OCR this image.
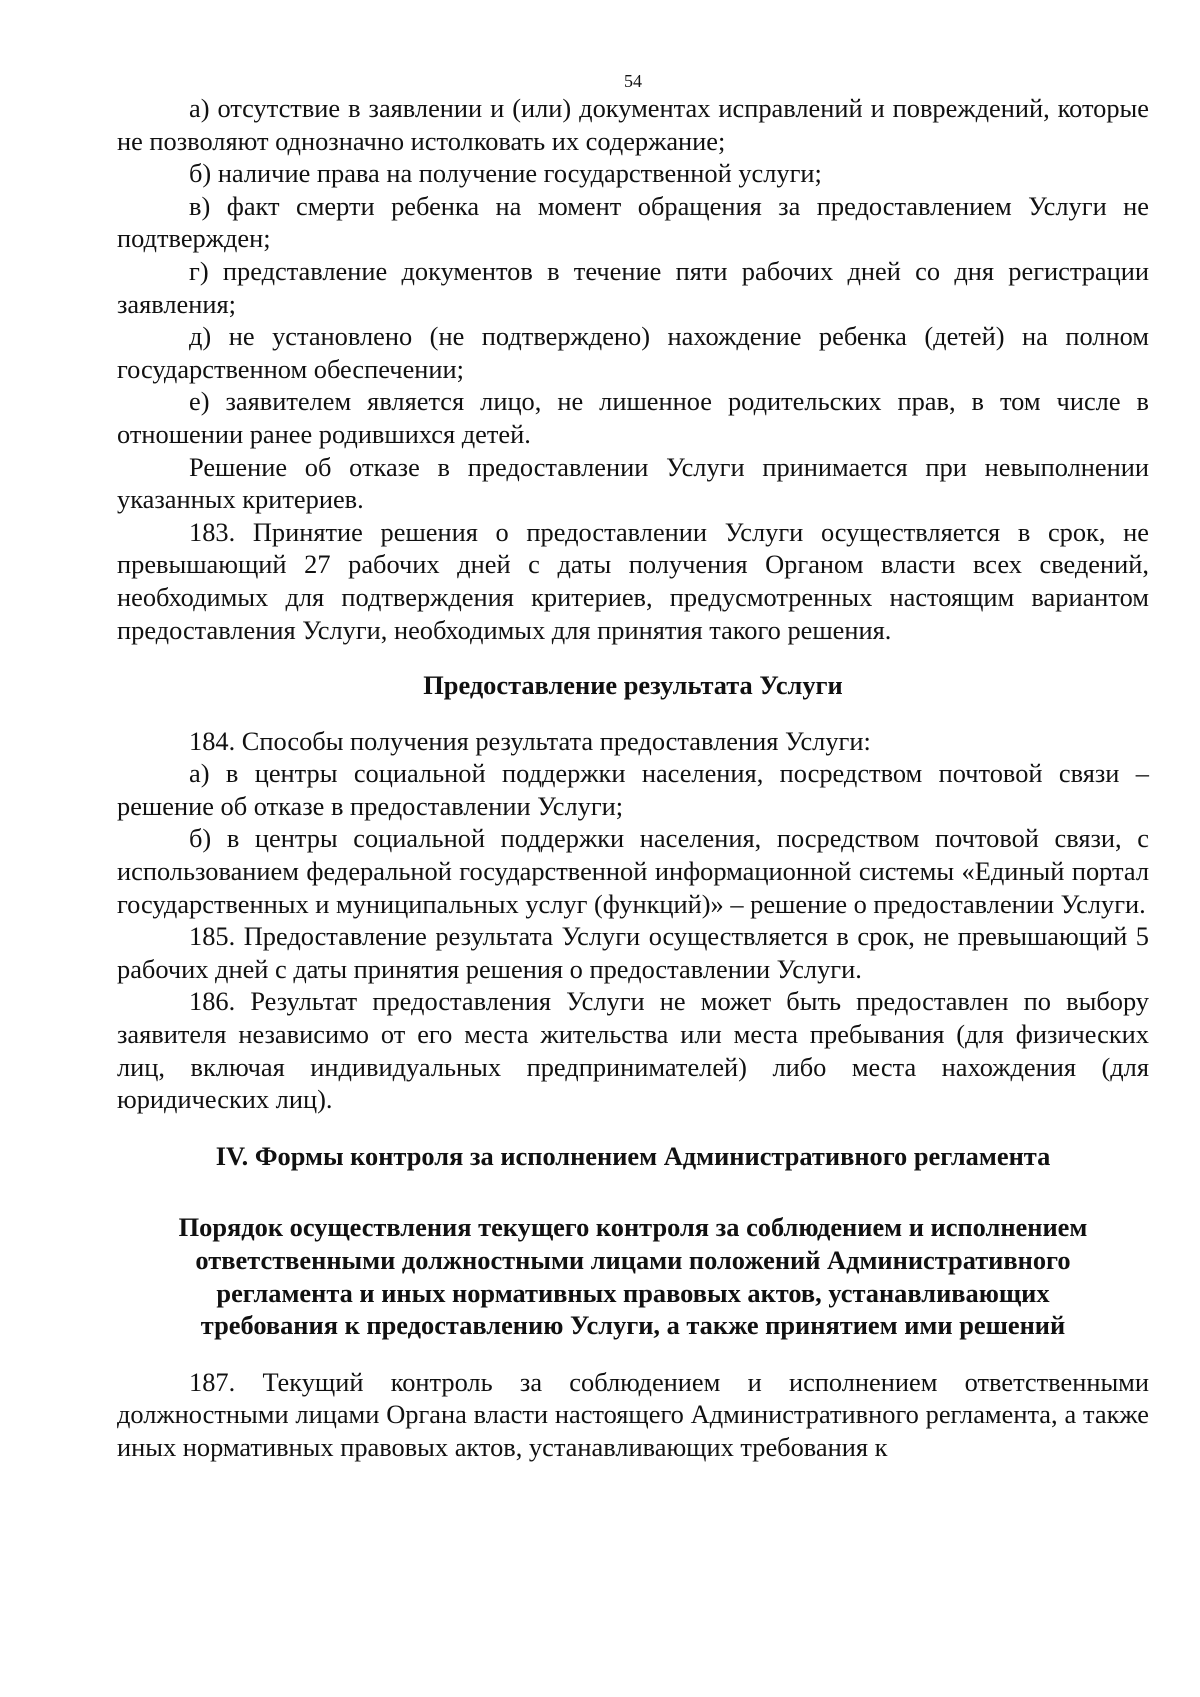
54

а) отсутствие в заявлении и (или) документах исправлений и повреждений, которые не позволяют однозначно истолковать их содержание;

б) наличие права на получение государственной услуги;

в) факт смерти ребенка на момент обращения за предоставлением Услуги не подтвержден;

г) представление документов в течение пяти рабочих дней со дня регистрации заявления;

д) не установлено (не подтверждено) нахождение ребенка (детей) на полном государственном обеспечении;

е) заявителем является лицо, не лишенное родительских прав, в том числе в отношении ранее родившихся детей.

Решение об отказе в предоставлении Услуги принимается при невыполнении указанных критериев.

183. Принятие решения о предоставлении Услуги осуществляется в срок, не превышающий 27 рабочих дней с даты получения Органом власти всех сведений, необходимых для подтверждения критериев, предусмотренных настоящим вариантом предоставления Услуги, необходимых для принятия такого решения.

Предоставление результата Услуги

184. Способы получения результата предоставления Услуги:

а) в центры социальной поддержки населения, посредством почтовой связи – решение об отказе в предоставлении Услуги;

б) в центры социальной поддержки населения, посредством почтовой связи, с использованием федеральной государственной информационной системы «Единый портал государственных и муниципальных услуг (функций)» – решение о предоставлении Услуги.

185. Предоставление результата Услуги осуществляется в срок, не превышающий 5 рабочих дней с даты принятия решения о предоставлении Услуги.

186. Результат предоставления Услуги не может быть предоставлен по выбору заявителя независимо от его места жительства или места пребывания (для физических лиц, включая индивидуальных предпринимателей) либо места нахождения (для юридических лиц).

IV. Формы контроля за исполнением Административного регламента
Порядок осуществления текущего контроля за соблюдением и исполнением
ответственными должностными лицами положений Административного
регламента и иных нормативных правовых актов, устанавливающих
требования к предоставлению Услуги, а также принятием ими решений

187. Текущий контроль за соблюдением и исполнением ответственными должностными лицами Органа власти настоящего Административного регламента, а также иных нормативных правовых актов, устанавливающих требования к
